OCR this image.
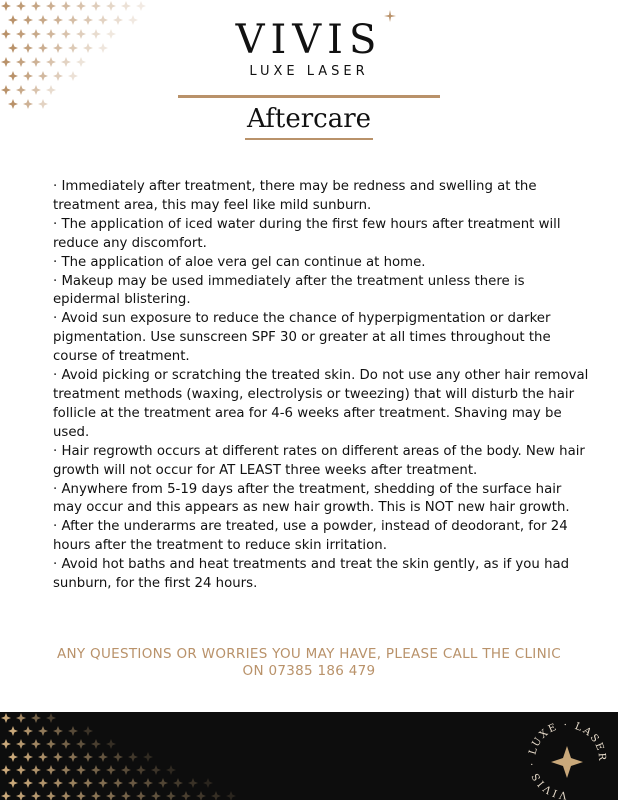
VIVIS
LUXE LASER
Aftercare

· Immediately after treatment, there may be redness and swelling at the treatment area, this may feel like mild sunburn.

· The application of iced water during the first few hours after treatment will reduce any discomfort.

· The application of aloe vera gel can continue at home.

· Makeup may be used immediately after the treatment unless there is epidermal blistering.

· Avoid sun exposure to reduce the chance of hyperpigmentation or darker pigmentation. Use sunscreen SPF 30 or greater at all times throughout the course of treatment.

· Avoid picking or scratching the treated skin. Do not use any other hair removal treatment methods (waxing, electrolysis or tweezing) that will disturb the hair follicle at the treatment area for 4-6 weeks after treatment. Shaving may be used.

· Hair regrowth occurs at different rates on different areas of the body. New hair growth will not occur for AT LEAST three weeks after treatment.

· Anywhere from 5-19 days after the treatment, shedding of the surface hair may occur and this appears as new hair growth. This is NOT new hair growth.

· After the underarms are treated, use a powder, instead of deodorant, for 24 hours after the treatment to reduce skin irritation.

· Avoid hot baths and heat treatments and treat the skin gently, as if you had sunburn, for the first 24 hours.

ANY QUESTIONS OR WORRIES YOU MAY HAVE, PLEASE CALL THE CLINIC

ON 07385 186 479

VIVIS · LUXE · LASER
